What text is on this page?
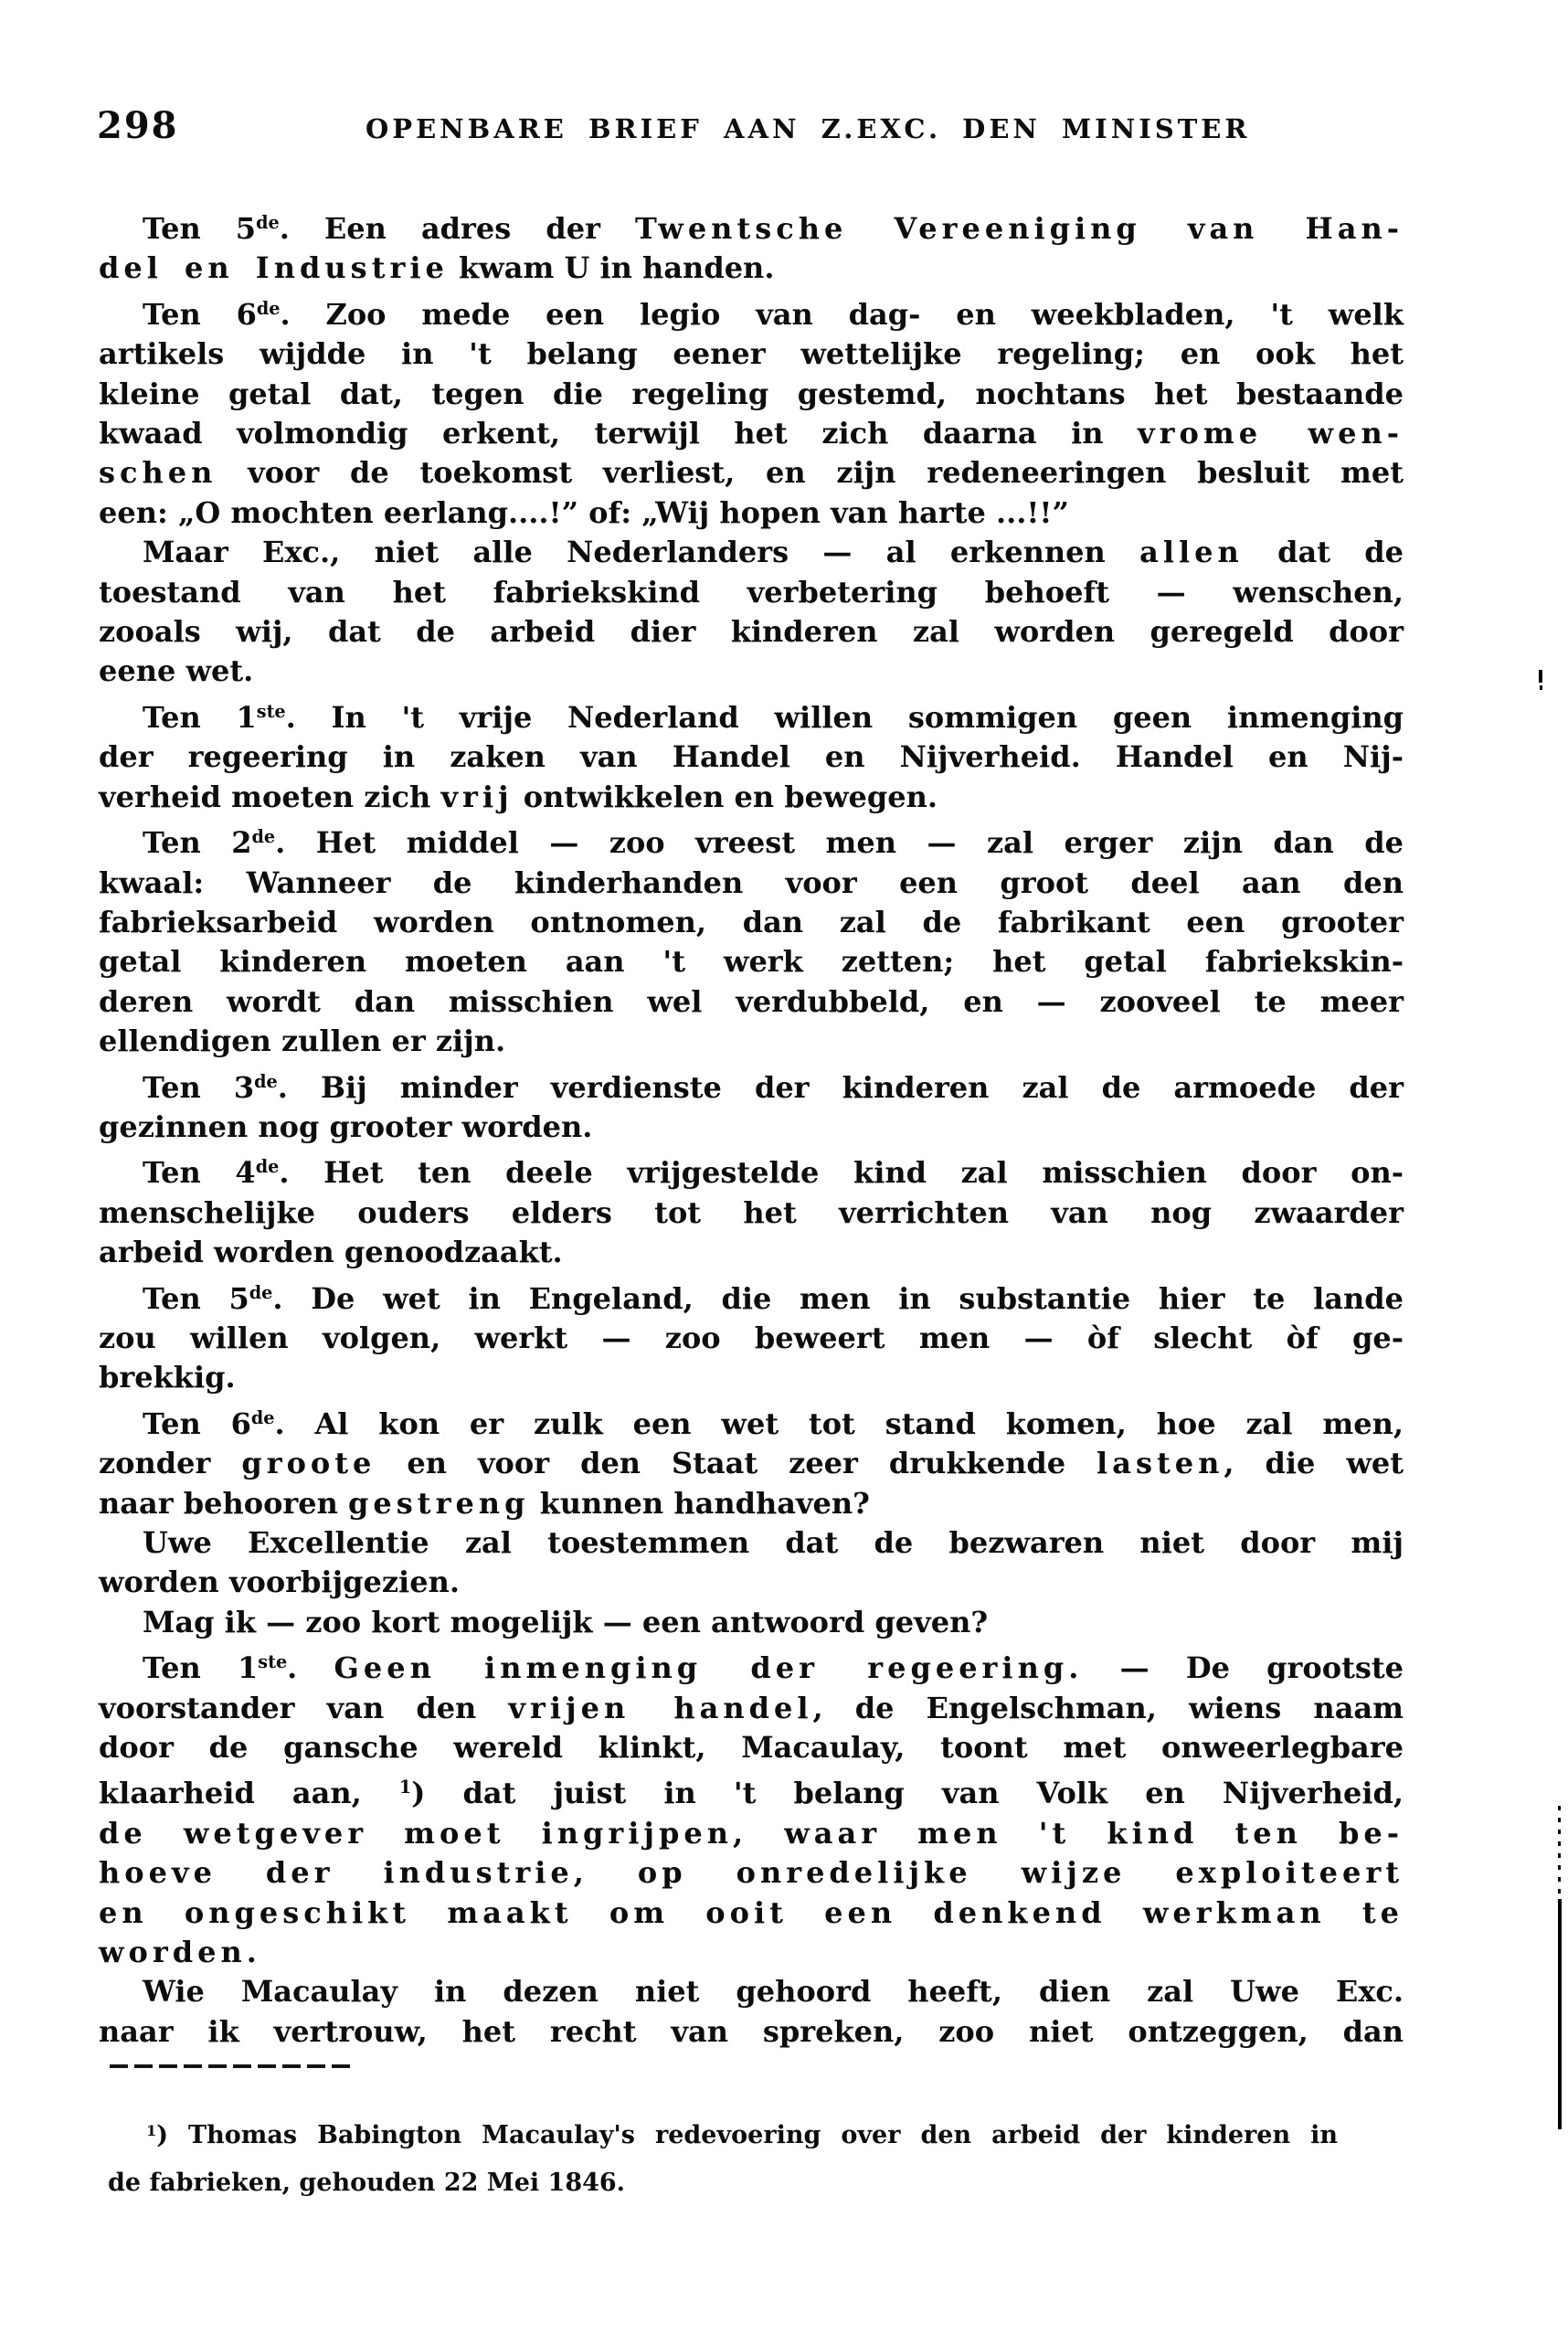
298	OPENBARE BRIEF AAN Z.EXC. DEN MINISTER
Ten 5de. Een adres der Twentsche Vereeniging van Han-
del en Industrie kwam U in handen.
Ten 6de. Zoo mede een legio van dag- en weekbladen, 't welk
artikels wijdde in 't belang eener wettelijke regeling; en ook het
kleine getal dat, tegen die regeling gestemd, nochtans het bestaande
kwaad volmondig erkent, terwijl het zich daarna in vrome wen-
schen voor de toekomst verliest, en zijn redeneeringen besluit met
een: „O mochten eerlang....!” of: „Wij hopen van harte ...!!”
Maar Exc., niet alle Nederlanders — al erkennen allen dat de
toestand van het fabriekskind verbetering behoeft — wenschen,
zooals wij, dat de arbeid dier kinderen zal worden geregeld door
eene wet.
Ten 1ste. In 't vrije Nederland willen sommigen geen inmenging
der regeering in zaken van Handel en Nijverheid. Handel en Nij-
verheid moeten zich vrij ontwikkelen en bewegen.
Ten 2de. Het middel — zoo vreest men — zal erger zijn dan de
kwaal: Wanneer de kinderhanden voor een groot deel aan den
fabrieksarbeid worden ontnomen, dan zal de fabrikant een grooter
getal kinderen moeten aan 't werk zetten; het getal fabriekskin-
deren wordt dan misschien wel verdubbeld, en — zooveel te meer
ellendigen zullen er zijn.
Ten 3de. Bij minder verdienste der kinderen zal de armoede der
gezinnen nog grooter worden.
Ten 4de. Het ten deele vrijgestelde kind zal misschien door on-
menschelijke ouders elders tot het verrichten van nog zwaarder
arbeid worden genoodzaakt.
Ten 5de. De wet in Engeland, die men in substantie hier te lande
zou willen volgen, werkt — zoo beweert men — òf slecht òf ge-
brekkig.
Ten 6de. Al kon er zulk een wet tot stand komen, hoe zal men,
zonder groote en voor den Staat zeer drukkende lasten, die wet
naar behooren gestreng kunnen handhaven?
Uwe Excellentie zal toestemmen dat de bezwaren niet door mij
worden voorbijgezien.
Mag ik — zoo kort mogelijk — een antwoord geven?
Ten 1ste. Geen inmenging der regeering. — De grootste
voorstander van den vrijen handel, de Engelschman, wiens naam
door de gansche wereld klinkt, Macaulay, toont met onweerlegbare
klaarheid aan, $^1$) dat juist in 't belang van Volk en Nijverheid,
de wetgever moet ingrijpen, waar men 't kind ten be-
hoeve der industrie, op onredelijke wijze exploiteert
en ongeschikt maakt om ooit een denkend werkman te
worden.
Wie Macaulay in dezen niet gehoord heeft, dien zal Uwe Exc.
naar ik vertrouw, het recht van spreken, zoo niet ontzeggen, dan
$^1$) Thomas Babington Macaulay's redevoering over den arbeid der kinderen in
de fabrieken, gehouden 22 Mei 1846.
